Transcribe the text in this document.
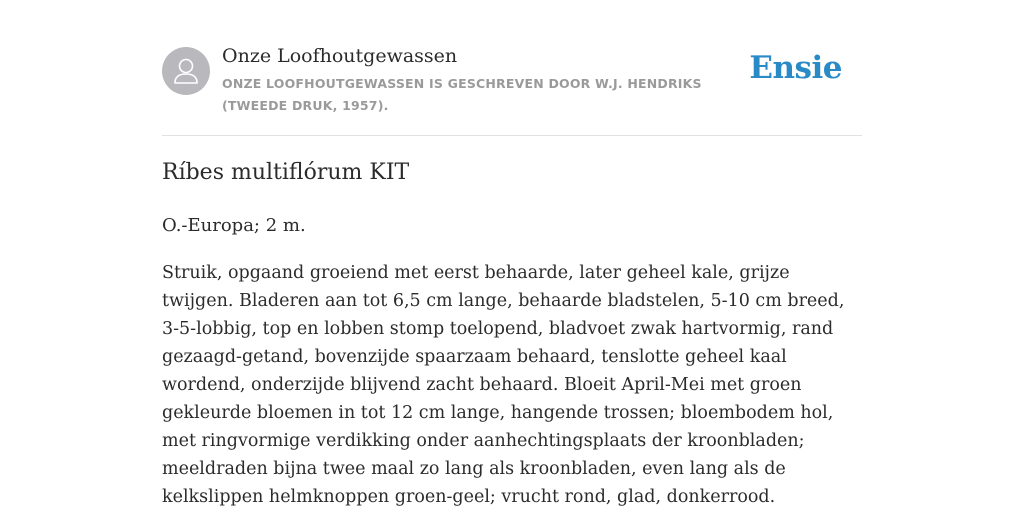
Onze Loofhoutgewassen
ONZE LOOFHOUTGEWASSEN IS GESCHREVEN DOOR W.J. HENDRIKS (TWEEDE DRUK, 1957).
Ensie
Ríbes multiflórum KIT

O.-Europa; 2 m.

Struik, opgaand groeiend met eerst behaarde, later geheel kale, grijze twijgen. Bladeren aan tot 6,5 cm lange, behaarde bladstelen, 5-10 cm breed, 3-5-lobbig, top en lobben stomp toelopend, bladvoet zwak hartvormig, rand gezaagd-getand, bovenzijde spaarzaam behaard, tenslotte geheel kaal wordend, onderzijde blijvend zacht behaard. Bloeit April-Mei met groen gekleurde bloemen in tot 12 cm lange, hangende trossen; bloembodem hol, met ringvormige verdikking onder aanhechtingsplaats der kroonbladen; meeldraden bijna twee maal zo lang als kroonbladen, even lang als de kelkslippen helmknoppen groen-geel; vrucht rond, glad, donkerrood.
